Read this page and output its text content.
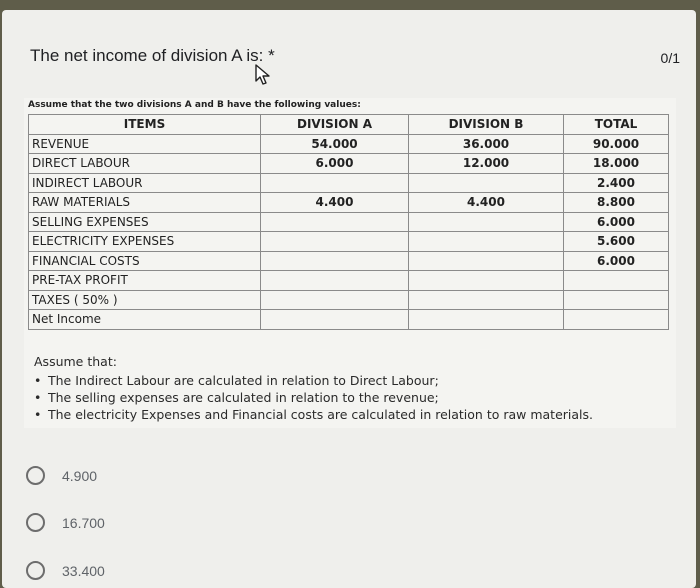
The net income of division A is: *	0/1
Assume that the two divisions A and B have the following values:
ITEMS	DIVISION A	DIVISION B	TOTAL
REVENUE	54.000	36.000	90.000
DIRECT LABOUR	6.000	12.000	18.000
INDIRECT LABOUR			2.400
RAW MATERIALS	4.400	4.400	8.800
SELLING EXPENSES			6.000
ELECTRICITY EXPENSES			5.600
FINANCIAL COSTS			6.000
PRE-TAX PROFIT			
TAXES ( 50% )			
Net Income			
Assume that:
• The Indirect Labour are calculated in relation to Direct Labour;
• The selling expenses are calculated in relation to the revenue;
• The electricity Expenses and Financial costs are calculated in relation to raw materials.
4.900
16.700
33.400
